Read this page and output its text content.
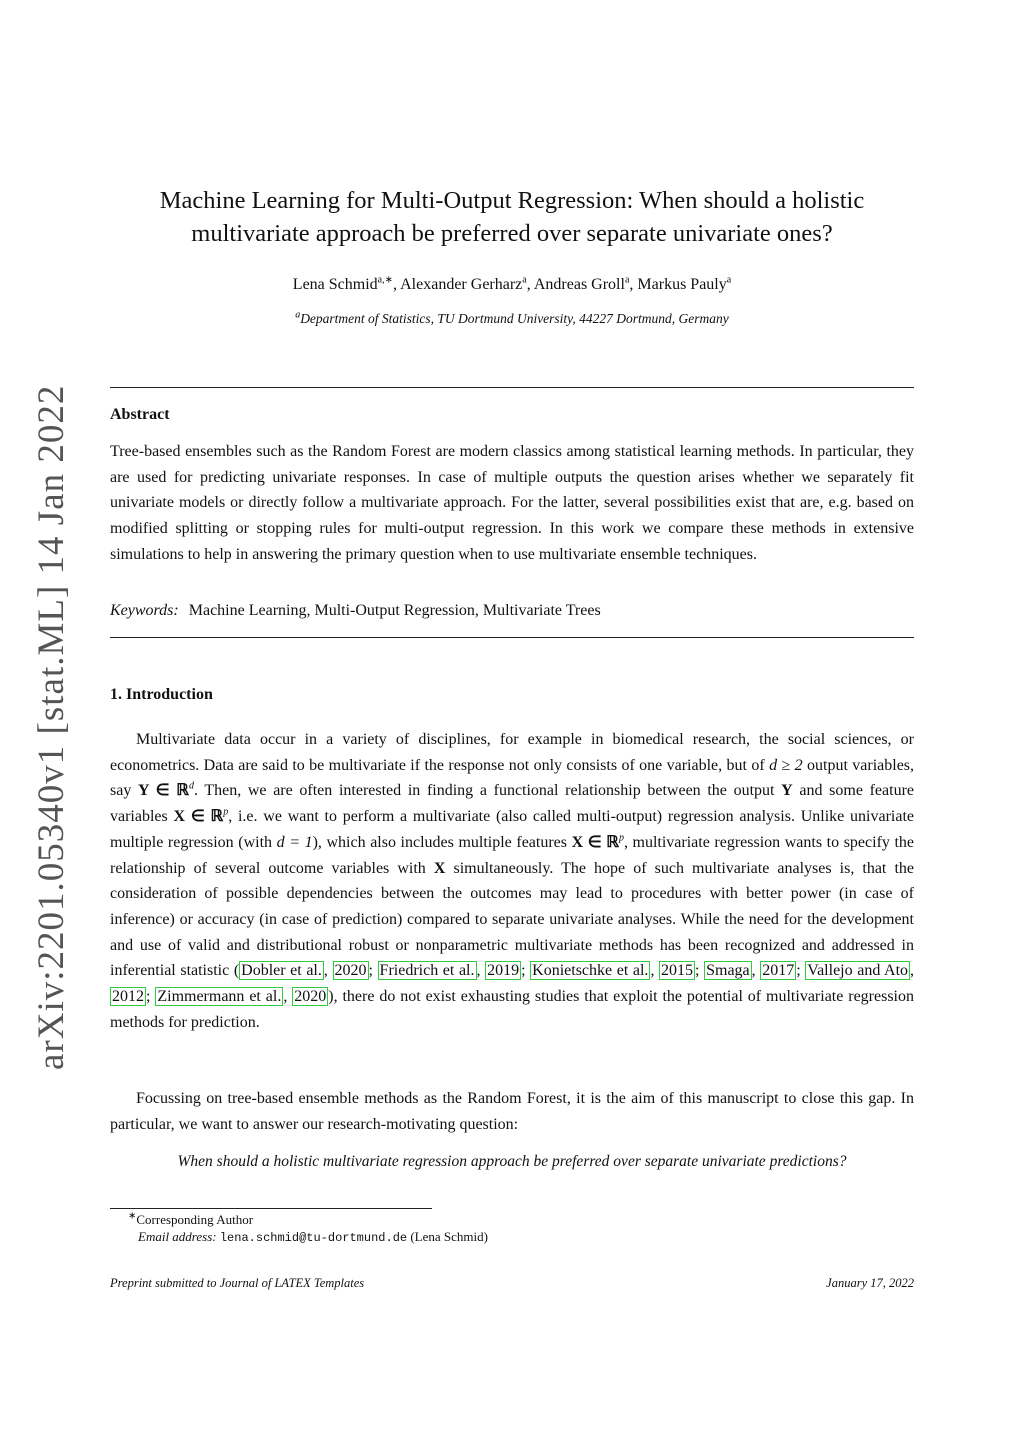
arXiv:2201.05340v1 [stat.ML] 14 Jan 2022
Machine Learning for Multi-Output Regression: When should a holistic
multivariate approach be preferred over separate univariate ones?
Lena Schmid$^{a,∗}$, Alexander Gerharz$^a$, Andreas Groll$^a$, Markus Pauly$^a$
$^a$Department of Statistics, TU Dortmund University, 44227 Dortmund, Germany
Abstract

Tree-based ensembles such as the Random Forest are modern classics among statistical learning methods. In particular, they are used for predicting univariate responses. In case of multiple outputs the question arises whether we separately fit univariate models or directly follow a multivariate approach. For the latter, several possibilities exist that are, e.g. based on modified splitting or stopping rules for multi-output regression. In this work we compare these methods in extensive simulations to help in answering the primary question when to use multivariate ensemble techniques.

Keywords: Machine Learning, Multi-Output Regression, Multivariate Trees
1. Introduction

Multivariate data occur in a variety of disciplines, for example in biomedical research, the social sciences, or econometrics. Data are said to be multivariate if the response not only consists of one variable, but of d ≥ 2 output variables, say Y ∈ ℝ$^d$. Then, we are often interested in finding a functional relationship between the output Y and some feature variables X ∈ ℝ$^p$, i.e. we want to perform a multivariate (also called multi-output) regression analysis. Unlike univariate multiple regression (with d = 1), which also includes multiple features X ∈ ℝ$^p$, multivariate regression wants to specify the relationship of several outcome variables with X simultaneously. The hope of such multivariate analyses is, that the consideration of possible dependencies between the outcomes may lead to procedures with better power (in case of inference) or accuracy (in case of prediction) compared to separate univariate analyses. While the need for the development and use of valid and distributional robust or nonparametric multivariate methods has been recognized and addressed in inferential statistic ( Dobler et al. , 2020 ; Friedrich et al. , 2019 ; Konietschke et al. , 2015 ; Smaga , 2017 ; Vallejo and Ato , 2012 ; Zimmermann et al. , 2020 ), there do not exist exhausting studies that exploit the potential of multivariate regression methods for prediction.

Focussing on tree-based ensemble methods as the Random Forest, it is the aim of this manuscript to close this gap. In particular, we want to answer our research-motivating question:

When should a holistic multivariate regression approach be preferred over separate univariate predictions?
∗Corresponding Author
Email address: lena.schmid@tu-dortmund.de (Lena Schmid)
Preprint submitted to Journal of LATEX Templates	January 17, 2022
